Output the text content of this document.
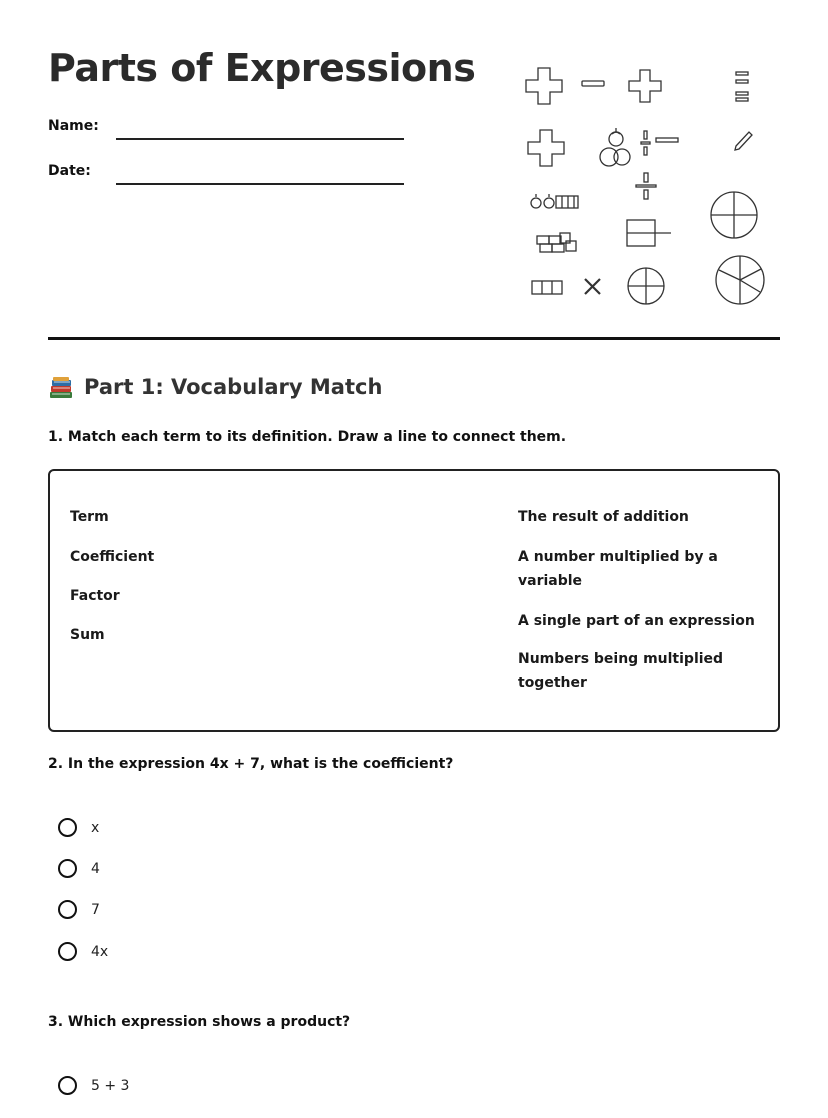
Parts of Expressions
Name:
Date:
Part 1: Vocabulary Match
1. Match each term to its definition. Draw a line to connect them.
Term
Coefficient
Factor
Sum
The result of addition
A number multiplied by a variable
A single part of an expression
Numbers being multiplied together
2. In the expression 4x + 7, what is the coefficient?
x
4
7
4x
3. Which expression shows a product?
5 + 3
